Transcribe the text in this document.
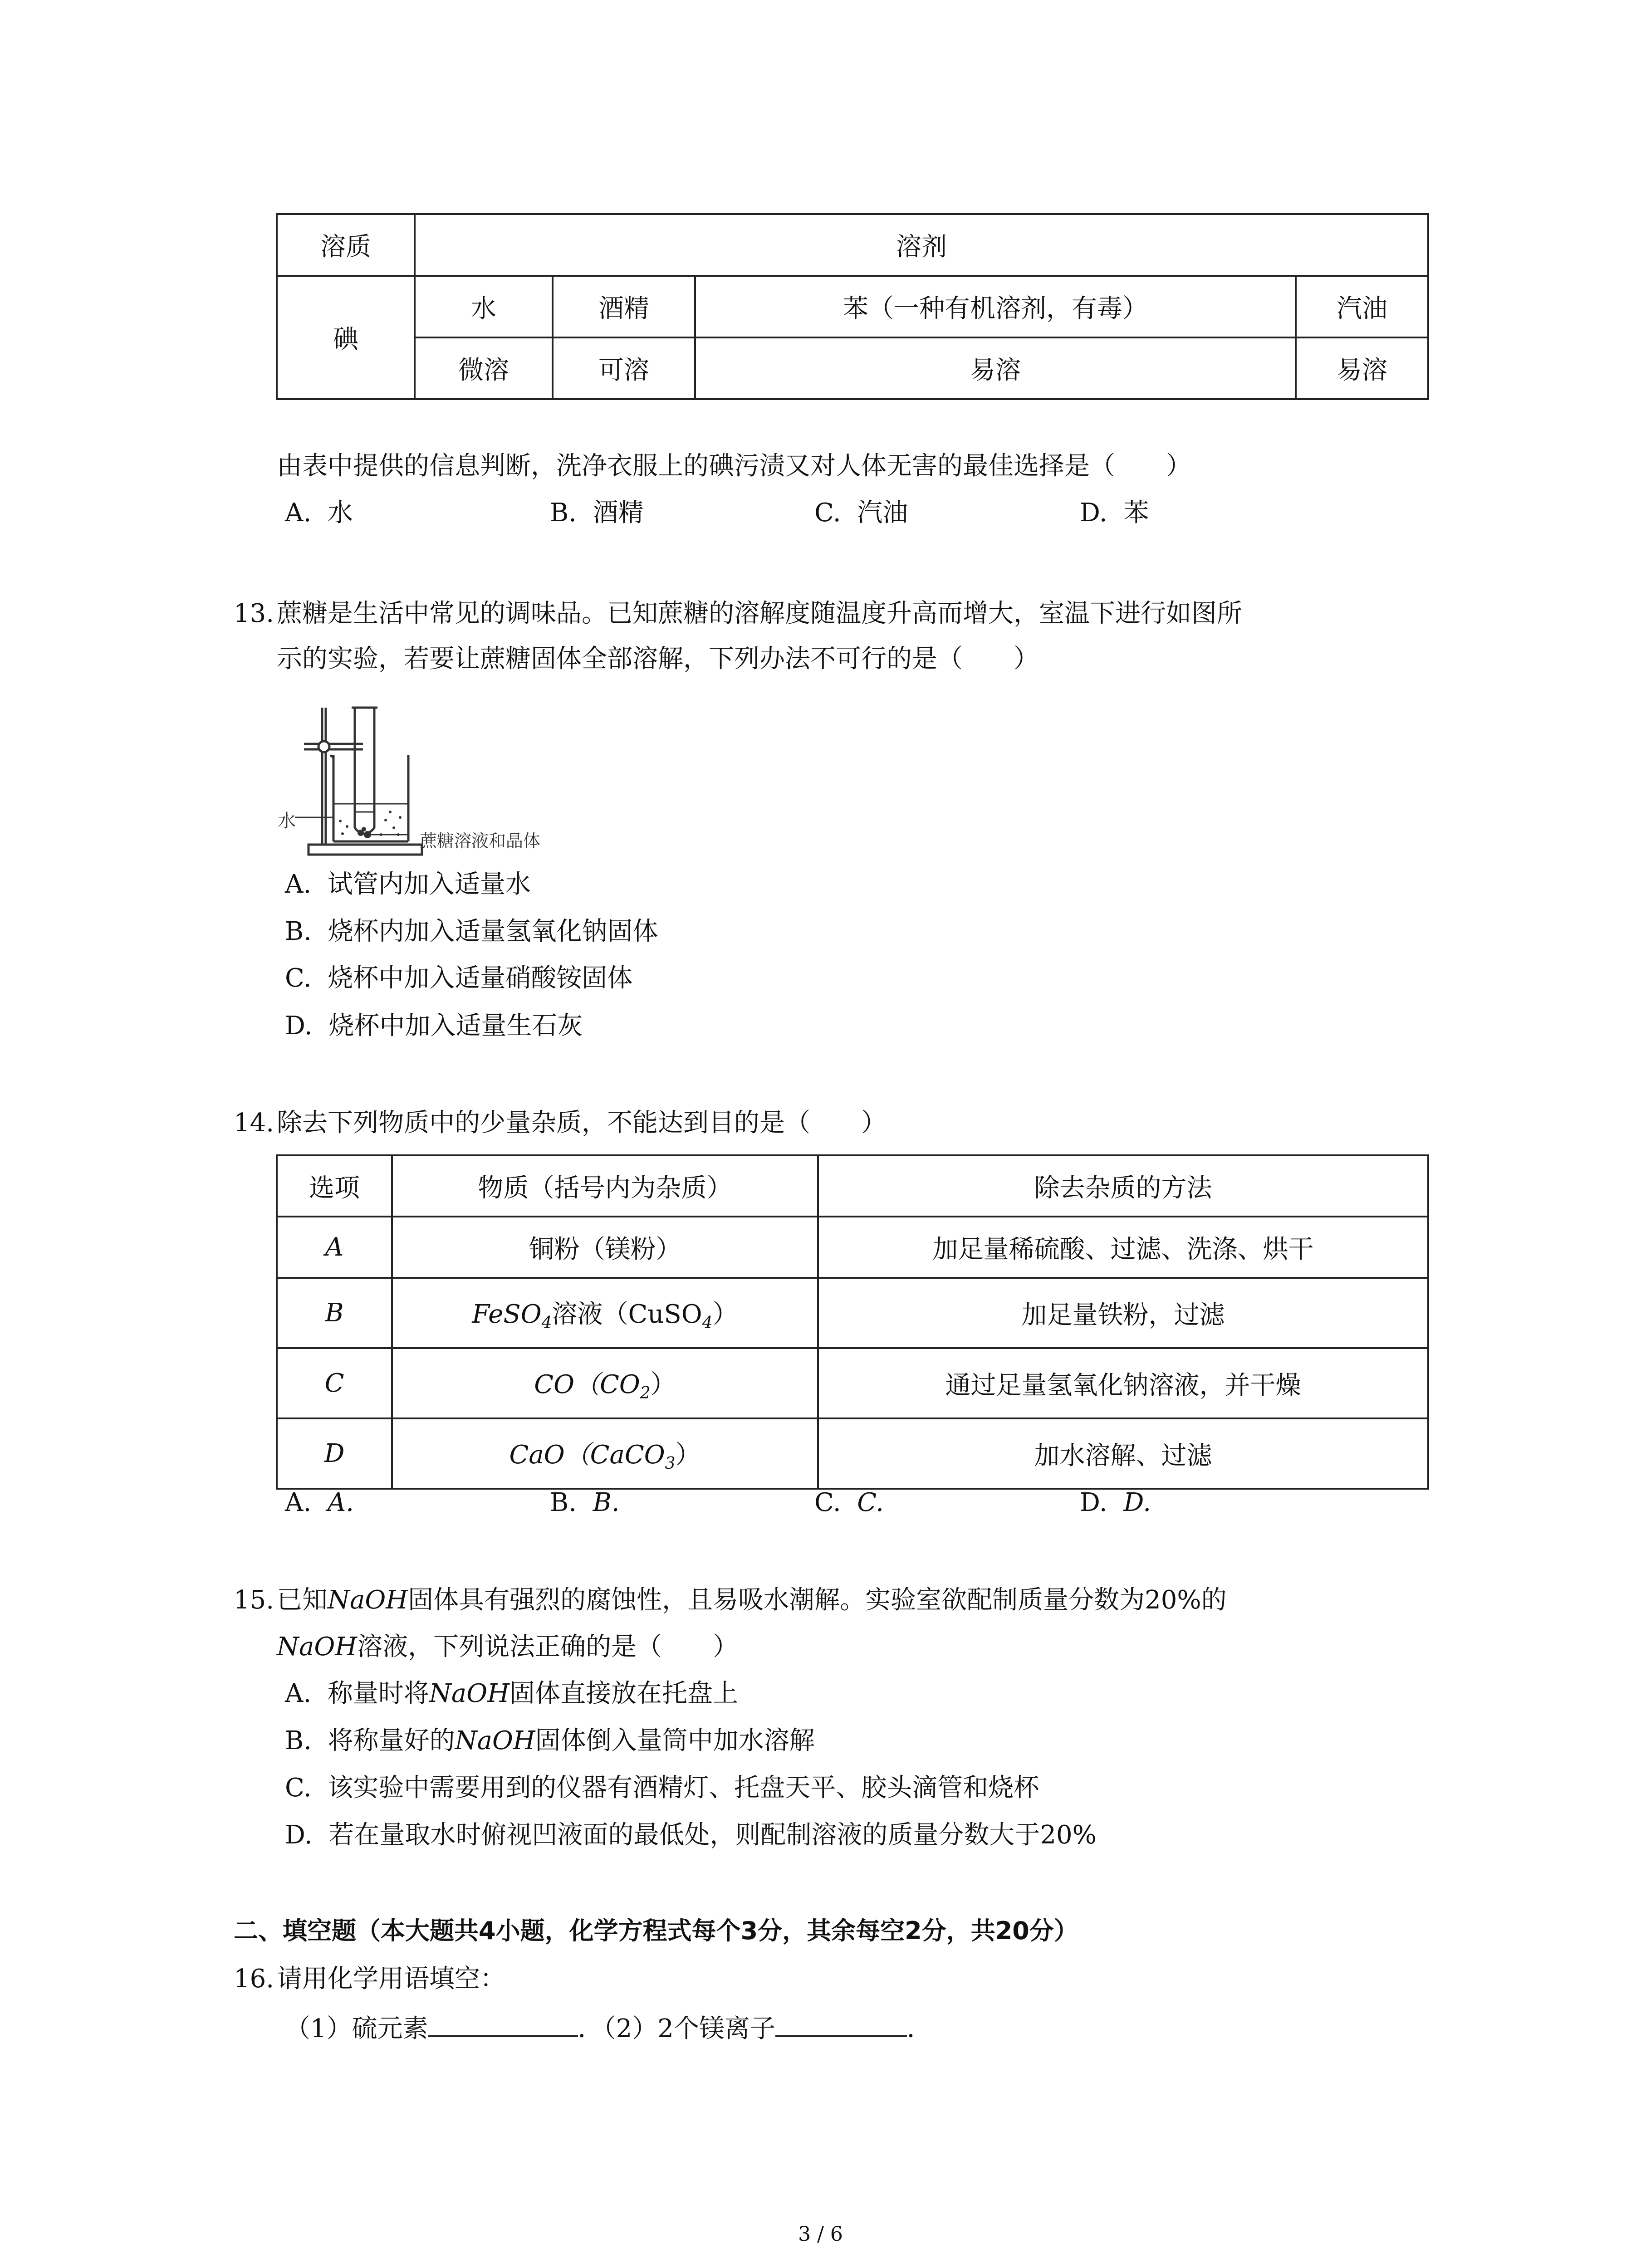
溶质	溶剂			
碘	水	酒精	苯（一种有机溶剂，有毒）	汽油
	微溶	可溶	易溶	易溶
由表中提供的信息判断，洗净衣服上的碘污渍又对人体无害的最佳选择是（　　）
A. 水	B. 酒精	C. 汽油	D. 苯
13. 蔗糖是生活中常见的调味品。已知蔗糖的溶解度随温度升高而增大，室温下进行如图所
示的实验，若要让蔗糖固体全部溶解，下列办法不可行的是（　　）
水
蔗糖溶液和晶体
A. 试管内加入适量水
B. 烧杯内加入适量氢氧化钠固体
C. 烧杯中加入适量硝酸铵固体
D. 烧杯中加入适量生石灰
14. 除去下列物质中的少量杂质，不能达到目的是（　　）
选项	物质（括号内为杂质）	除去杂质的方法
A	铜粉（镁粉）	加足量稀硫酸、过滤、洗涤、烘干
B	FeSO$_4$溶液（CuSO$_4$）	加足量铁粉，过滤
C	$CO(CO_2)$	通过足量氢氧化钠溶液，并干燥
D	CaO（CaCO$_3$）	加水溶解、过滤
A. A.	B. B.	C. C.	D. D.
15. 已知NaOH固体具有强烈的腐蚀性，且易吸水潮解。实验室欲配制质量分数为20%的
NaOH溶液，下列说法正确的是（　　）
A. 称量时将NaOH固体直接放在托盘上
B. 将称量好的NaOH固体倒入量筒中加水溶解
C. 该实验中需要用到的仪器有酒精灯、托盘天平、胶头滴管和烧杯
D. 若在量取水时俯视凹液面的最低处，则配制溶液的质量分数大于20%
二、填空题（本大题共4小题，化学方程式每个3分，其余每空2分，共20分）
16. 请用化学用语填空：
（1）硫元素	．（2）2个镁离子	．
3 / 6
